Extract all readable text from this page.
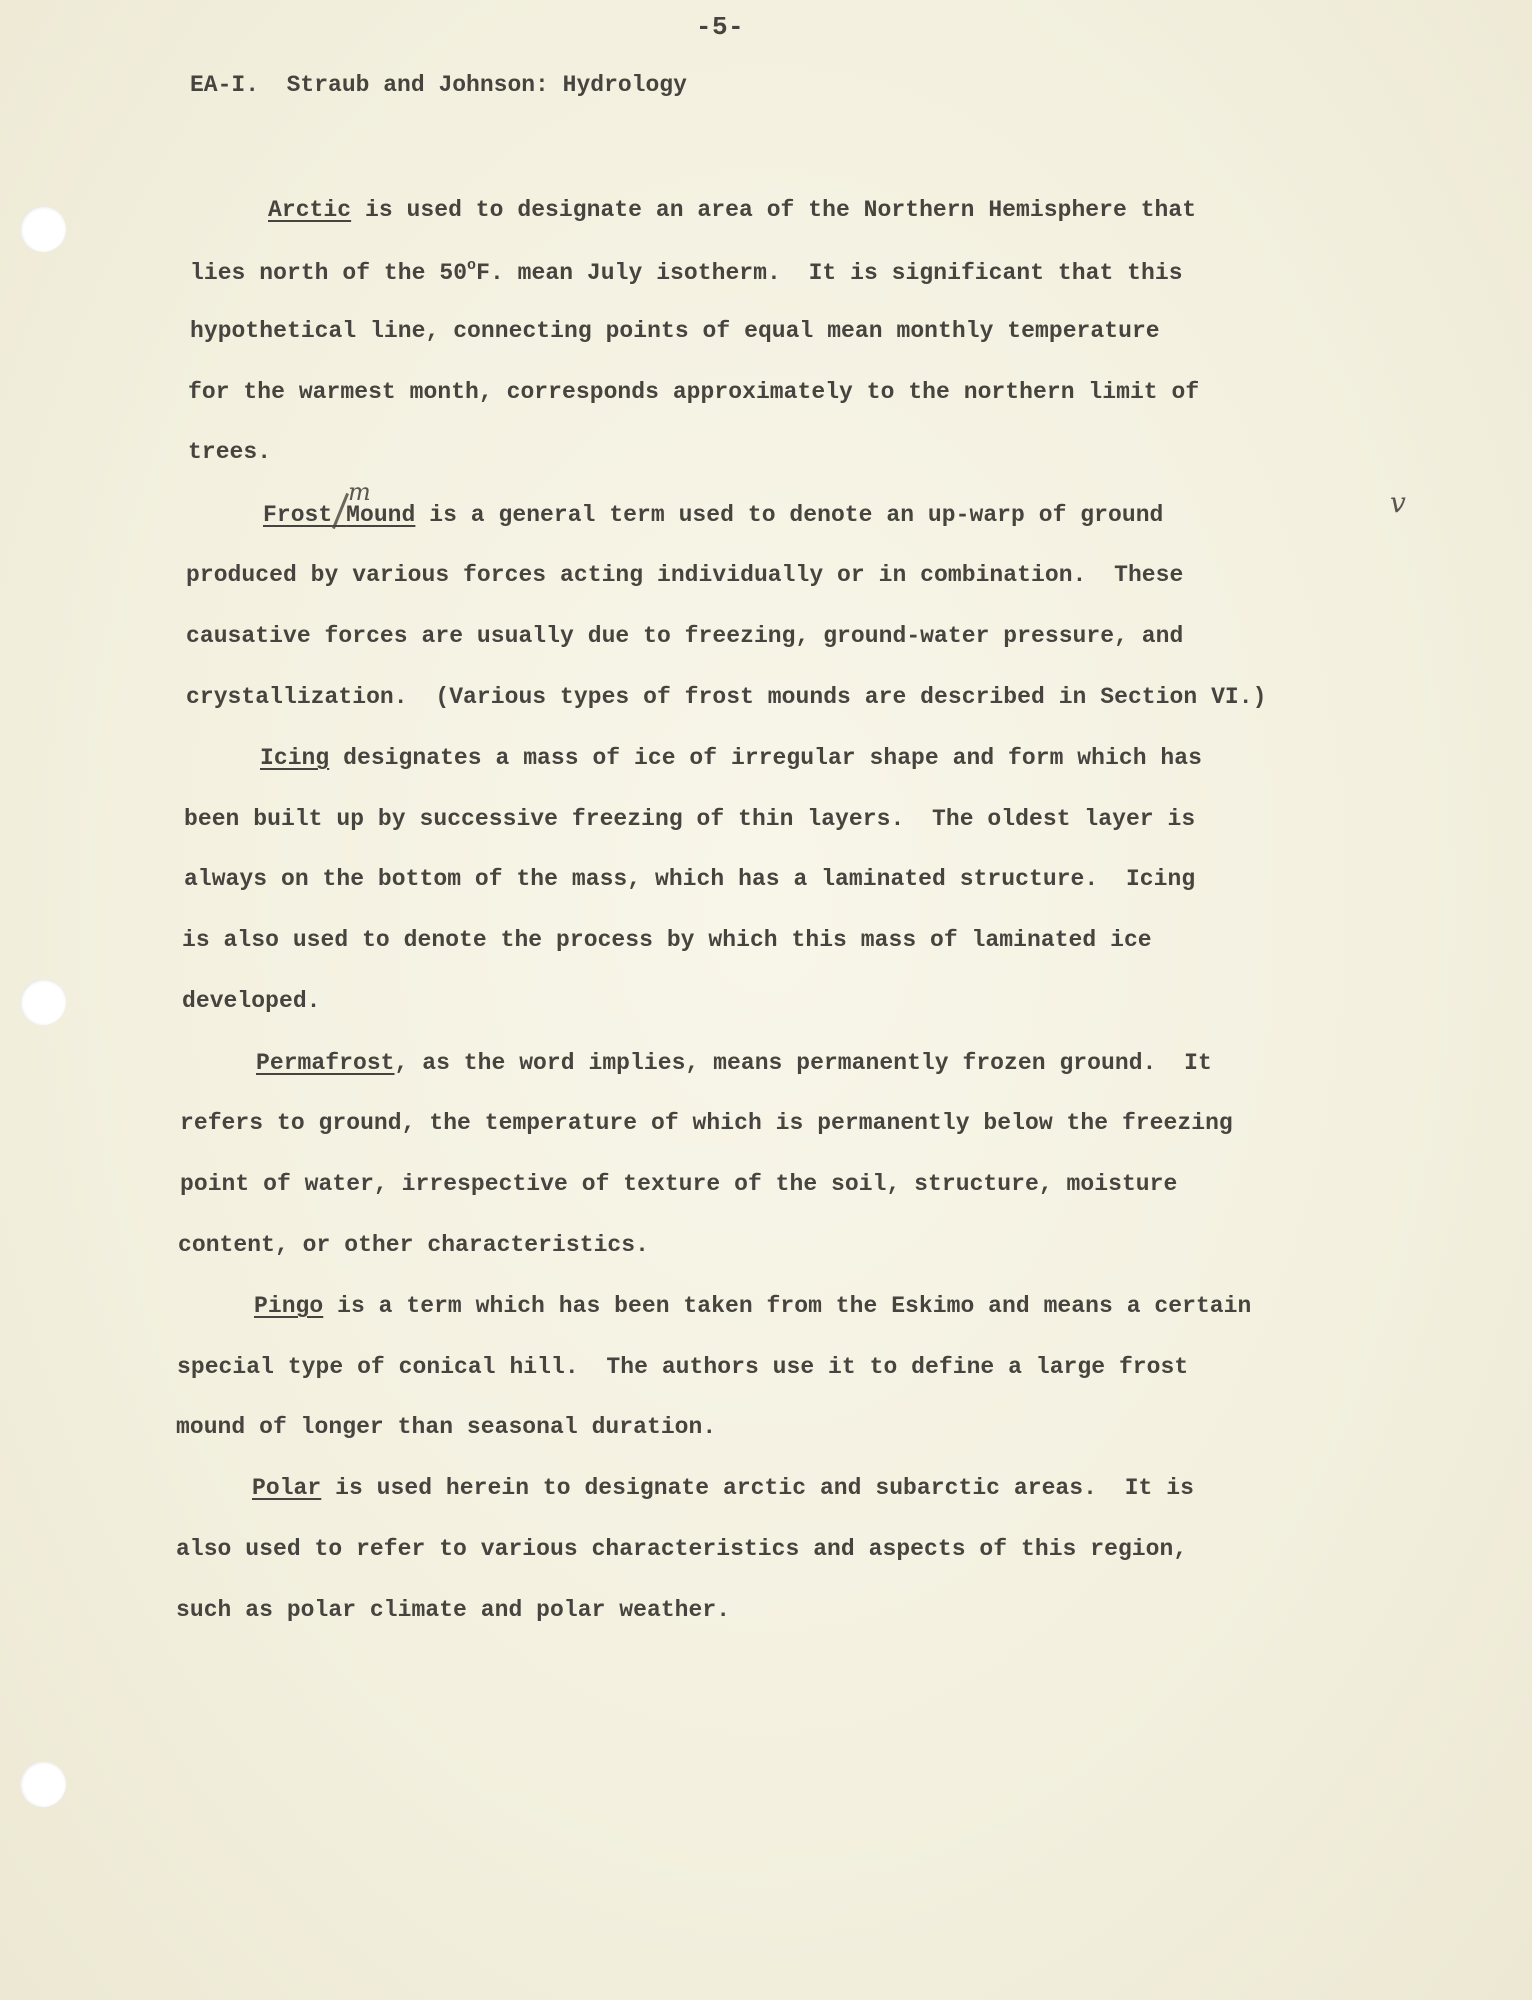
-5-
EA-I.  Straub and Johnson: Hydrology
Arctic is used to designate an area of the Northern Hemisphere that
lies north of the 50$^o$F. mean July isotherm.  It is significant that this
hypothetical line, connecting points of equal mean monthly temperature
for the warmest month, corresponds approximately to the northern limit of
trees.
m	v
Frost Mound is a general term used to denote an up-warp of ground
produced by various forces acting individually or in combination.  These
causative forces are usually due to freezing, ground-water pressure, and
crystallization.  (Various types of frost mounds are described in Section VI.)
Icing designates a mass of ice of irregular shape and form which has
been built up by successive freezing of thin layers.  The oldest layer is
always on the bottom of the mass, which has a laminated structure.  Icing
is also used to denote the process by which this mass of laminated ice
developed.
Permafrost, as the word implies, means permanently frozen ground.  It
refers to ground, the temperature of which is permanently below the freezing
point of water, irrespective of texture of the soil, structure, moisture
content, or other characteristics.
Pingo is a term which has been taken from the Eskimo and means a certain
special type of conical hill.  The authors use it to define a large frost
mound of longer than seasonal duration.
Polar is used herein to designate arctic and subarctic areas.  It is
also used to refer to various characteristics and aspects of this region,
such as polar climate and polar weather.
